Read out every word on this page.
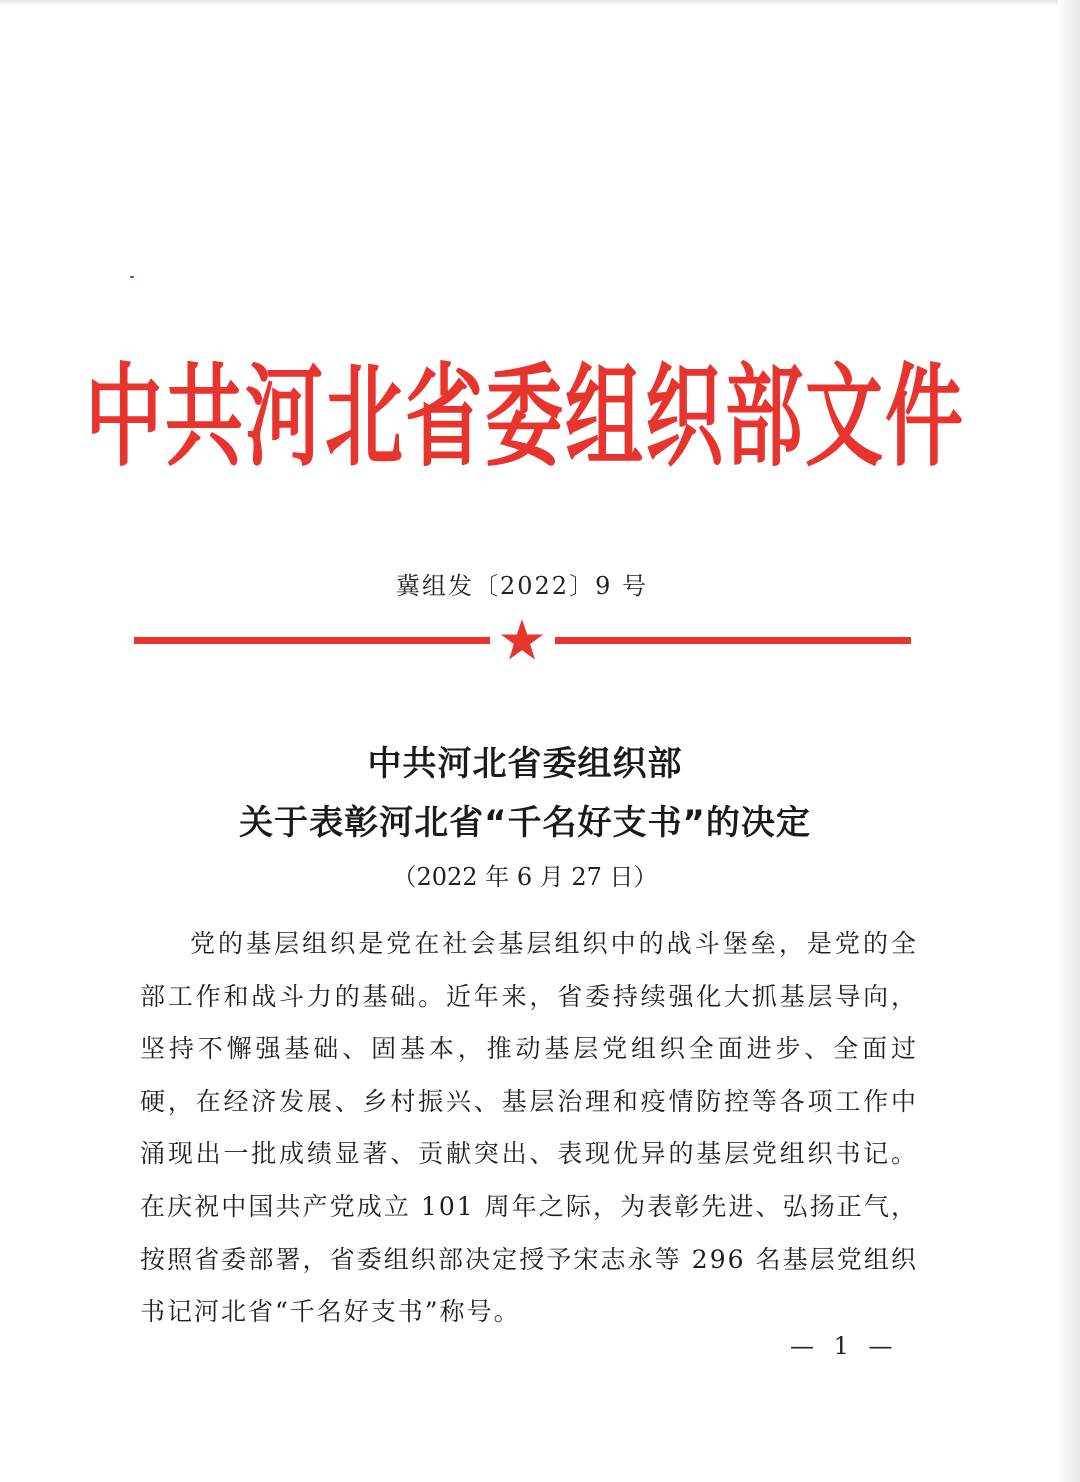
中共河北省委组织部文件
冀组发〔2022〕9 号
中共河北省委组织部
关于表彰河北省“千名好支书”的决定
（2022 年 6 月 27 日）

党的基层组织是党在社会基层组织中的战斗堡垒，是党的全部工作和战斗力的基础。近年来，省委持续强化大抓基层导向，坚持不懈强基础、固基本，推动基层党组织全面进步、全面过硬，在经济发展、乡村振兴、基层治理和疫情防控等各项工作中涌现出一批成绩显著、贡献突出、表现优异的基层党组织书记。在庆祝中国共产党成立 101 周年之际，为表彰先进、弘扬正气，按照省委部署，省委组织部决定授予宋志永等 296 名基层党组织书记河北省“千名好支书”称号。

— 1 —
